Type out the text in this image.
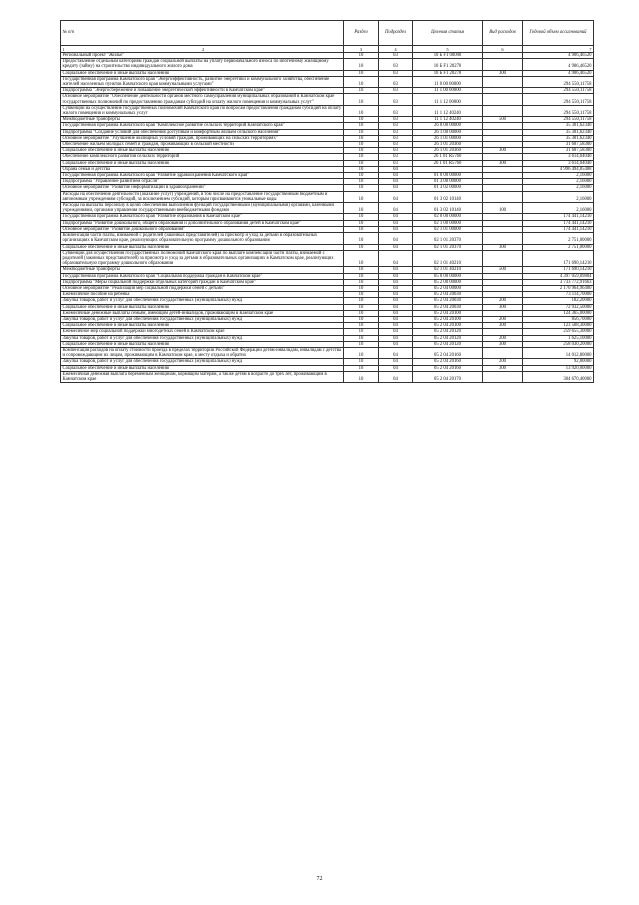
№ п/п	Раздел	Подраздел	Целевая статья	Вид расходов	Годовой объем ассигнований

1 2	3	4	5	6	7
Региональный проект "Жилье"	10	03	10 Б F1 00000		4 906,46520
Предоставление отдельным категориям граждан социальной выплаты на уплату первоначального взноса по ипотечному жилищному кредиту (займу) на строительство индивидуального жилого дома	10	03	10 Б F1 20270		4 906,46520
Социальное обеспечение и иные выплаты населению	10	03	10 Б F1 20270	300	4 906,46520
Государственная программа Камчатского края "Энергоэффективность, развитие энергетики и коммунального хозяйства, обеспечение жителей населенных пунктов Камчатского края коммунальными услугами"	10	03	11 0 00 00000		294 550,11758
Подпрограмма "Энергосбережение и повышение энергетической эффективности в Камчатском крае"	10	03	11 1 00 00000		294 550,11758
Основное мероприятие "Обеспечение деятельности органов местного самоуправления муниципальных образований в Камчатском крае государственных полномочий по предоставлению гражданам субсидий на оплату жилого помещения и коммунальных услуг"	10	03	11 1 12 00000		294 550,11758
Субвенции на осуществление государственных полномочий Камчатского края по вопросам предоставления гражданам субсидий на оплату жилого помещения и коммунальных услуг	10	03	11 1 12 40240		294 550,11758
Межбюджетные трансферты	10	03	11 1 12 40240	500	294 550,11758
Государственная программа Камчатского края "Комплексное развитие сельских территорий Камчатского края"	10	03	26 0 00 00000		35 301,62340
Подпрограмма "Создание условий для обеспечения доступным и комфортным жильем сельского населения"	10	03	26 1 00 00000		35 301,62340
Основное мероприятие "Улучшение жилищных условий граждан, проживающих на сельских территориях"	10	03	26 1 01 00000		35 301,62340
Обеспечение жильем молодых семей и граждан, проживающих в сельской местности	10	03	26 1 01 20360		31 687,58300
Социальное обеспечение и иные выплаты населению	10	03	26 1 01 20360	300	31 687,58300
Обеспечение комплексного развития сельских территорий	10	03	26 1 01 R5760		3 614,04040
Социальное обеспечение и иные выплаты населению	10	03	26 1 01 R5760	300	3 614,04040
Охрана семьи и детства	10	04			4 996 494,85488
Государственная программа Камчатского края "Развитие здравоохранения Камчатского края"	10	04	01 0 00 00000		2,16000
Подпрограмма "Управление развитием отрасли"	10	04	01 3 00 00000		2,16000
Основное мероприятие "Развитие информатизации в здравоохранении"	10	04	01 3 02 00000		2,16000
Расходы на обеспечение деятельности (оказание услуг) учреждений, в том числе на предоставление государственным бюджетным и автономным учреждениям субсидий, за исключением субсидий, которым присваиваются уникальные коды	10	04	01 3 02 10140		2,16000
Расходы на выплаты персоналу в целях обеспечения выполнения функций государственными (муниципальными) органами, казенными учреждениями, органами управления государственными внебюджетными фондами	10	04	01 3 02 10140	100	2,16000
Государственная программа Камчатского края "Развитие образования в Камчатском крае"	10	04	02 0 00 00000		174 441,14210
Подпрограмма "Развитие дошкольного, общего образования и дополнительного образования детей в Камчатском крае"	10	04	02 1 00 00000		174 441,14210
Основное мероприятие "Развитие дошкольного образования"	10	04	02 1 01 00000		174 441,14210
Компенсация части платы, взимаемой с родителей (законных представителей) за присмотр и уход за детьми в образовательных организациях в Камчатском крае, реализующих образовательную программу дошкольного образования	10	04	02 1 01 20370		2 751,00000
Социальное обеспечение и иные выплаты населению	10	04	02 1 01 20370	300	2 751,00000
Субвенции для осуществления государственных полномочий Камчатского края по выплате компенсации части платы, взимаемой с родителей (законных представителей) за присмотр и уход за детьми в образовательных организациях в Камчатском крае, реализующих образовательную программу дошкольного образования	10	04	02 1 01 40210		171 690,14210
Межбюджетные трансферты	10	04	02 1 01 40210	500	171 690,14210
Государственная программа Камчатского края "Социальная поддержка граждан в Камчатском крае"	10	04	05 0 00 00000		4 397 059,09804
Подпрограмма "Меры социальной поддержки отдельных категорий граждан в Камчатском крае"	10	04	05 2 00 00000		3 733 772,91663
Основное мероприятие "Реализация мер социальной поддержки семей с детьми"	10	04	05 2 04 00000		2 170 964,96400
Ежемесячное пособие на ребенка	10	04	05 2 04 20030		73 114,70000
Закупка товаров, работ и услуг для обеспечения государственных (муниципальных) нужд	10	04	05 2 04 20030	200	182,20000
Социальное обеспечение и иные выплаты населению	10	04	05 2 04 20030	300	72 932,50000
Ежемесячные денежные выплаты семьям, имеющим детей-инвалидов, проживающим в Камчатском крае	10	04	05 2 04 20100		124 365,00000
Закупка товаров, работ и услуг для обеспечения государственных (муниципальных) нужд	10	04	05 2 04 20100	200	856,70000
Социальное обеспечение и иные выплаты населению	10	04	05 2 04 20100	300	123 508,30000
Ежемесячное мер социальной поддержки многодетных семей в Камчатском крае	10	04	05 2 04 20120		259 655,30000
Закупка товаров, работ и услуг для обеспечения государственных (муниципальных) нужд	10	04	05 2 04 20120	200	1 625,10000
Социальное обеспечение и иные выплаты населению	10	04	05 2 04 20120	300	258 030,20000
Компенсация расходов на оплату стоимости проезда в пределах территории Российской Федерации детям-инвалидам, инвалидам с детства и сопровождающим их лицам, проживающим в Камчатском крае, к месту отдыха и обратно	10	04	05 2 04 20160		14 012,80000
Закупка товаров, работ и услуг для обеспечения государственных (муниципальных) нужд	10	04	05 2 04 20160	200	92,80000
Социальное обеспечение и иные выплаты населению	10	04	05 2 04 20160	300	13 920,00000
Ежемесячная денежная выплата беременным женщинам, кормящим матерям, а также детям в возрасте до трех лет, проживающим в Камчатском крае	10	04	05 2 04 20170		304 670,40000
72
